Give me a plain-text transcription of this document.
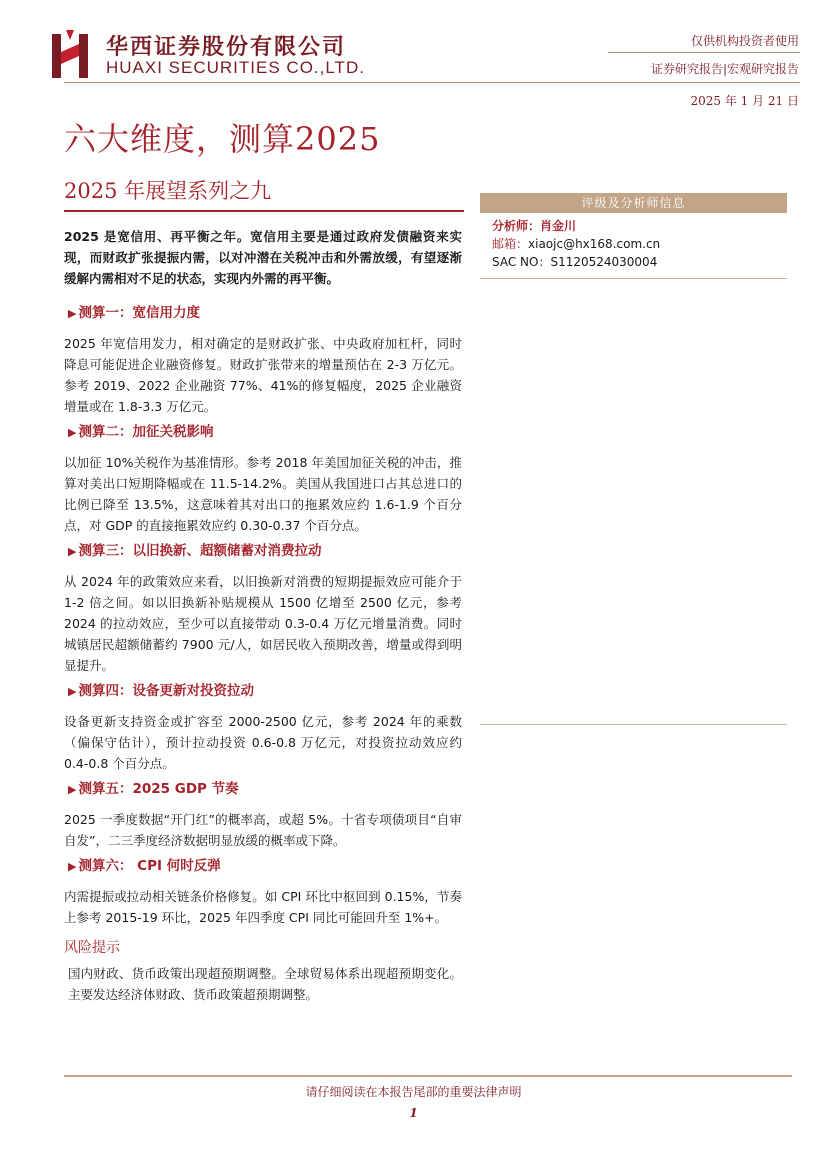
华西证券股份有限公司
HUAXI SECURITIES CO.,LTD.
仅供机构投资者使用
证券研究报告|宏观研究报告
2025 年 1 月 21 日
六大维度，测算2025
2025 年展望系列之九

2025 是宽信用、再平衡之年。宽信用主要是通过政府发债融资来实现，而财政扩张提振内需，以对冲潜在关税冲击和外需放缓，有望逐渐缓解内需相对不足的状态，实现内外需的再平衡。

▶ 测算一：宽信用力度

2025 年宽信用发力，相对确定的是财政扩张、中央政府加杠杆，同时降息可能促进企业融资修复。财政扩张带来的增量预估在 2-3 万亿元。参考 2019、2022 企业融资 77%、41%的修复幅度，2025 企业融资增量或在 1.8-3.3 万亿元。

▶ 测算二：加征关税影响

以加征 10%关税作为基准情形。参考 2018 年美国加征关税的冲击，推算对美出口短期降幅或在 11.5-14.2%。美国从我国进口占其总进口的比例已降至 13.5%，这意味着其对出口的拖累效应约 1.6-1.9 个百分点，对 GDP 的直接拖累效应约 0.30-0.37 个百分点。

▶ 测算三：以旧换新、超额储蓄对消费拉动

从 2024 年的政策效应来看，以旧换新对消费的短期提振效应可能介于 1-2 倍之间。如以旧换新补贴规模从 1500 亿增至 2500 亿元，参考 2024 的拉动效应，至少可以直接带动 0.3-0.4 万亿元增量消费。同时城镇居民超额储蓄约 7900 元/人，如居民收入预期改善，增量或得到明显提升。

▶ 测算四：设备更新对投资拉动

设备更新支持资金或扩容至 2000-2500 亿元，参考 2024 年的乘数（偏保守估计），预计拉动投资 0.6-0.8 万亿元，对投资拉动效应约 0.4-0.8 个百分点。

▶ 测算五：2025 GDP 节奏

2025 一季度数据“开门红”的概率高，或超 5%。十省专项债项目“自审自发”，二三季度经济数据明显放缓的概率或下降。

▶ 测算六： CPI 何时反弹

内需提振或拉动相关链条价格修复。如 CPI 环比中枢回到 0.15%，节奏上参考 2015-19 环比，2025 年四季度 CPI 同比可能回升至 1%+。

风险提示

国内财政、货币政策出现超预期调整。全球贸易体系出现超预期变化。主要发达经济体财政、货币政策超预期调整。

评级及分析师信息
分析师：肖金川
邮箱：xiaojc@hx168.com.cn
SAC NO：S1120524030004
请仔细阅读在本报告尾部的重要法律声明
1
